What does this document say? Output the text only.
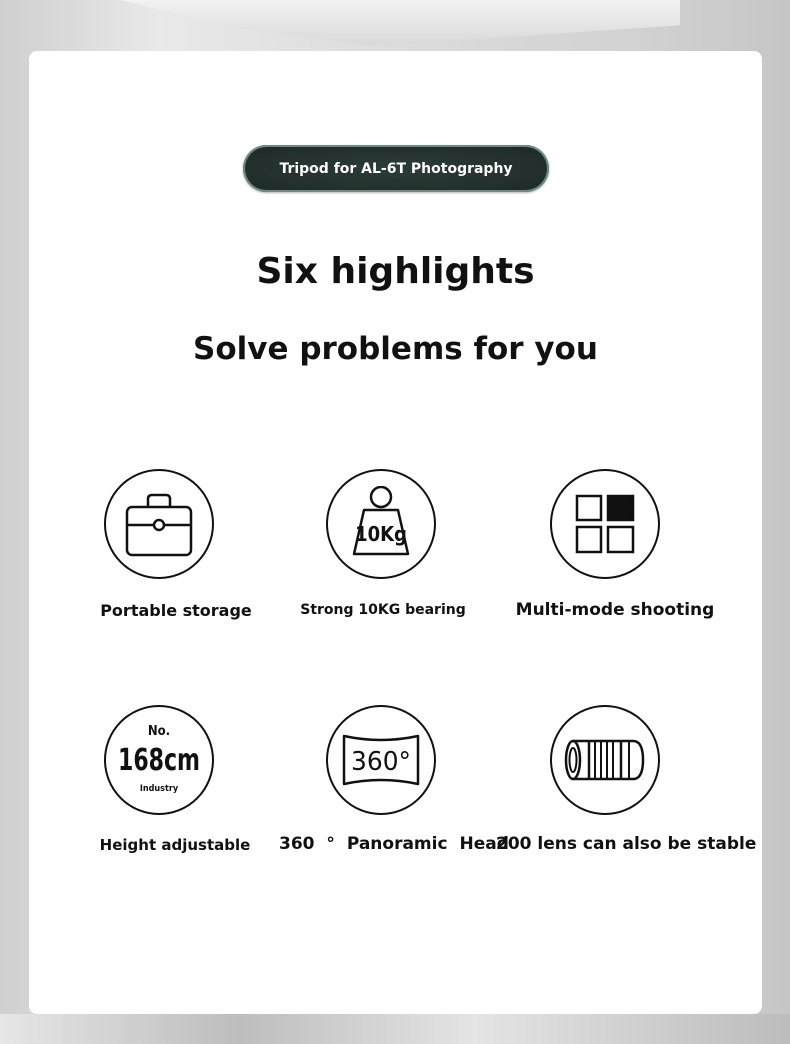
Tripod for AL-6T Photography
Six highlights
Solve problems for you
Portable storage
10Kg
Strong 10KG bearing	Multi-mode shooting
No.
168cm
Industry
Height adjustable
360°
360 ° Panoramic Head
200 lens can also be stable
